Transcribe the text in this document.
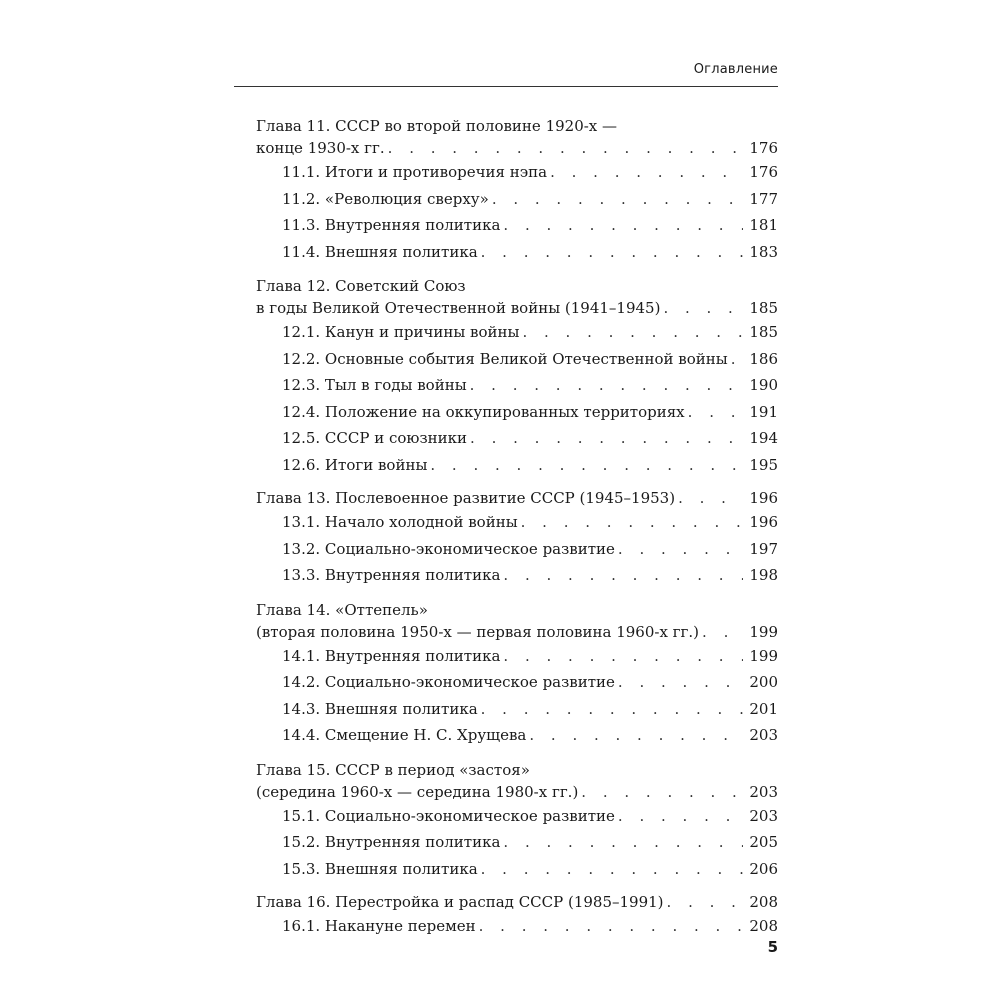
Оглавление
Глава 11. СССР во второй половине 1920-х —
конце 1930-х гг. . . .	176
11.1. Итоги и противоречия нэпа . . .	176
11.2. «Революция сверху» . . .	177
11.3. Внутренняя политика . . .	181
11.4. Внешняя политика . . .	183
Глава 12. Советский Союз
в годы Великой Отечественной войны (1941–1945) . . .	185
12.1. Канун и причины войны . . .	185
12.2. Основные события Великой Отечественной войны . . . 186
12.3. Тыл в годы войны . . .	190
12.4. Положение на оккупированных территориях . . .	191
12.5. СССР и союзники . . .	194
12.6. Итоги войны . . .	195
Глава 13. Послевоенное развитие СССР (1945–1953) . . .	196
13.1. Начало холодной войны . . .	196
13.2. Социально-экономическое развитие . . .	197
13.3. Внутренняя политика . . .	198
Глава 14. «Оттепель»
(вторая половина 1950-х — первая половина 1960-х гг.) . . .	199
14.1. Внутренняя политика . . .	199
14.2. Социально-экономическое развитие . . .	200
14.3. Внешняя политика . . .	201
14.4. Смещение Н. С. Хрущева . . .	203
Глава 15. СССР в период «застоя»
(середина 1960-х — середина 1980-х гг.) . . .	203
15.1. Социально-экономическое развитие . . .	203
15.2. Внутренняя политика . . .	205
15.3. Внешняя политика . . .	206
Глава 16. Перестройка и распад СССР (1985–1991) . . .	208
16.1. Накануне перемен . . .	208
5
